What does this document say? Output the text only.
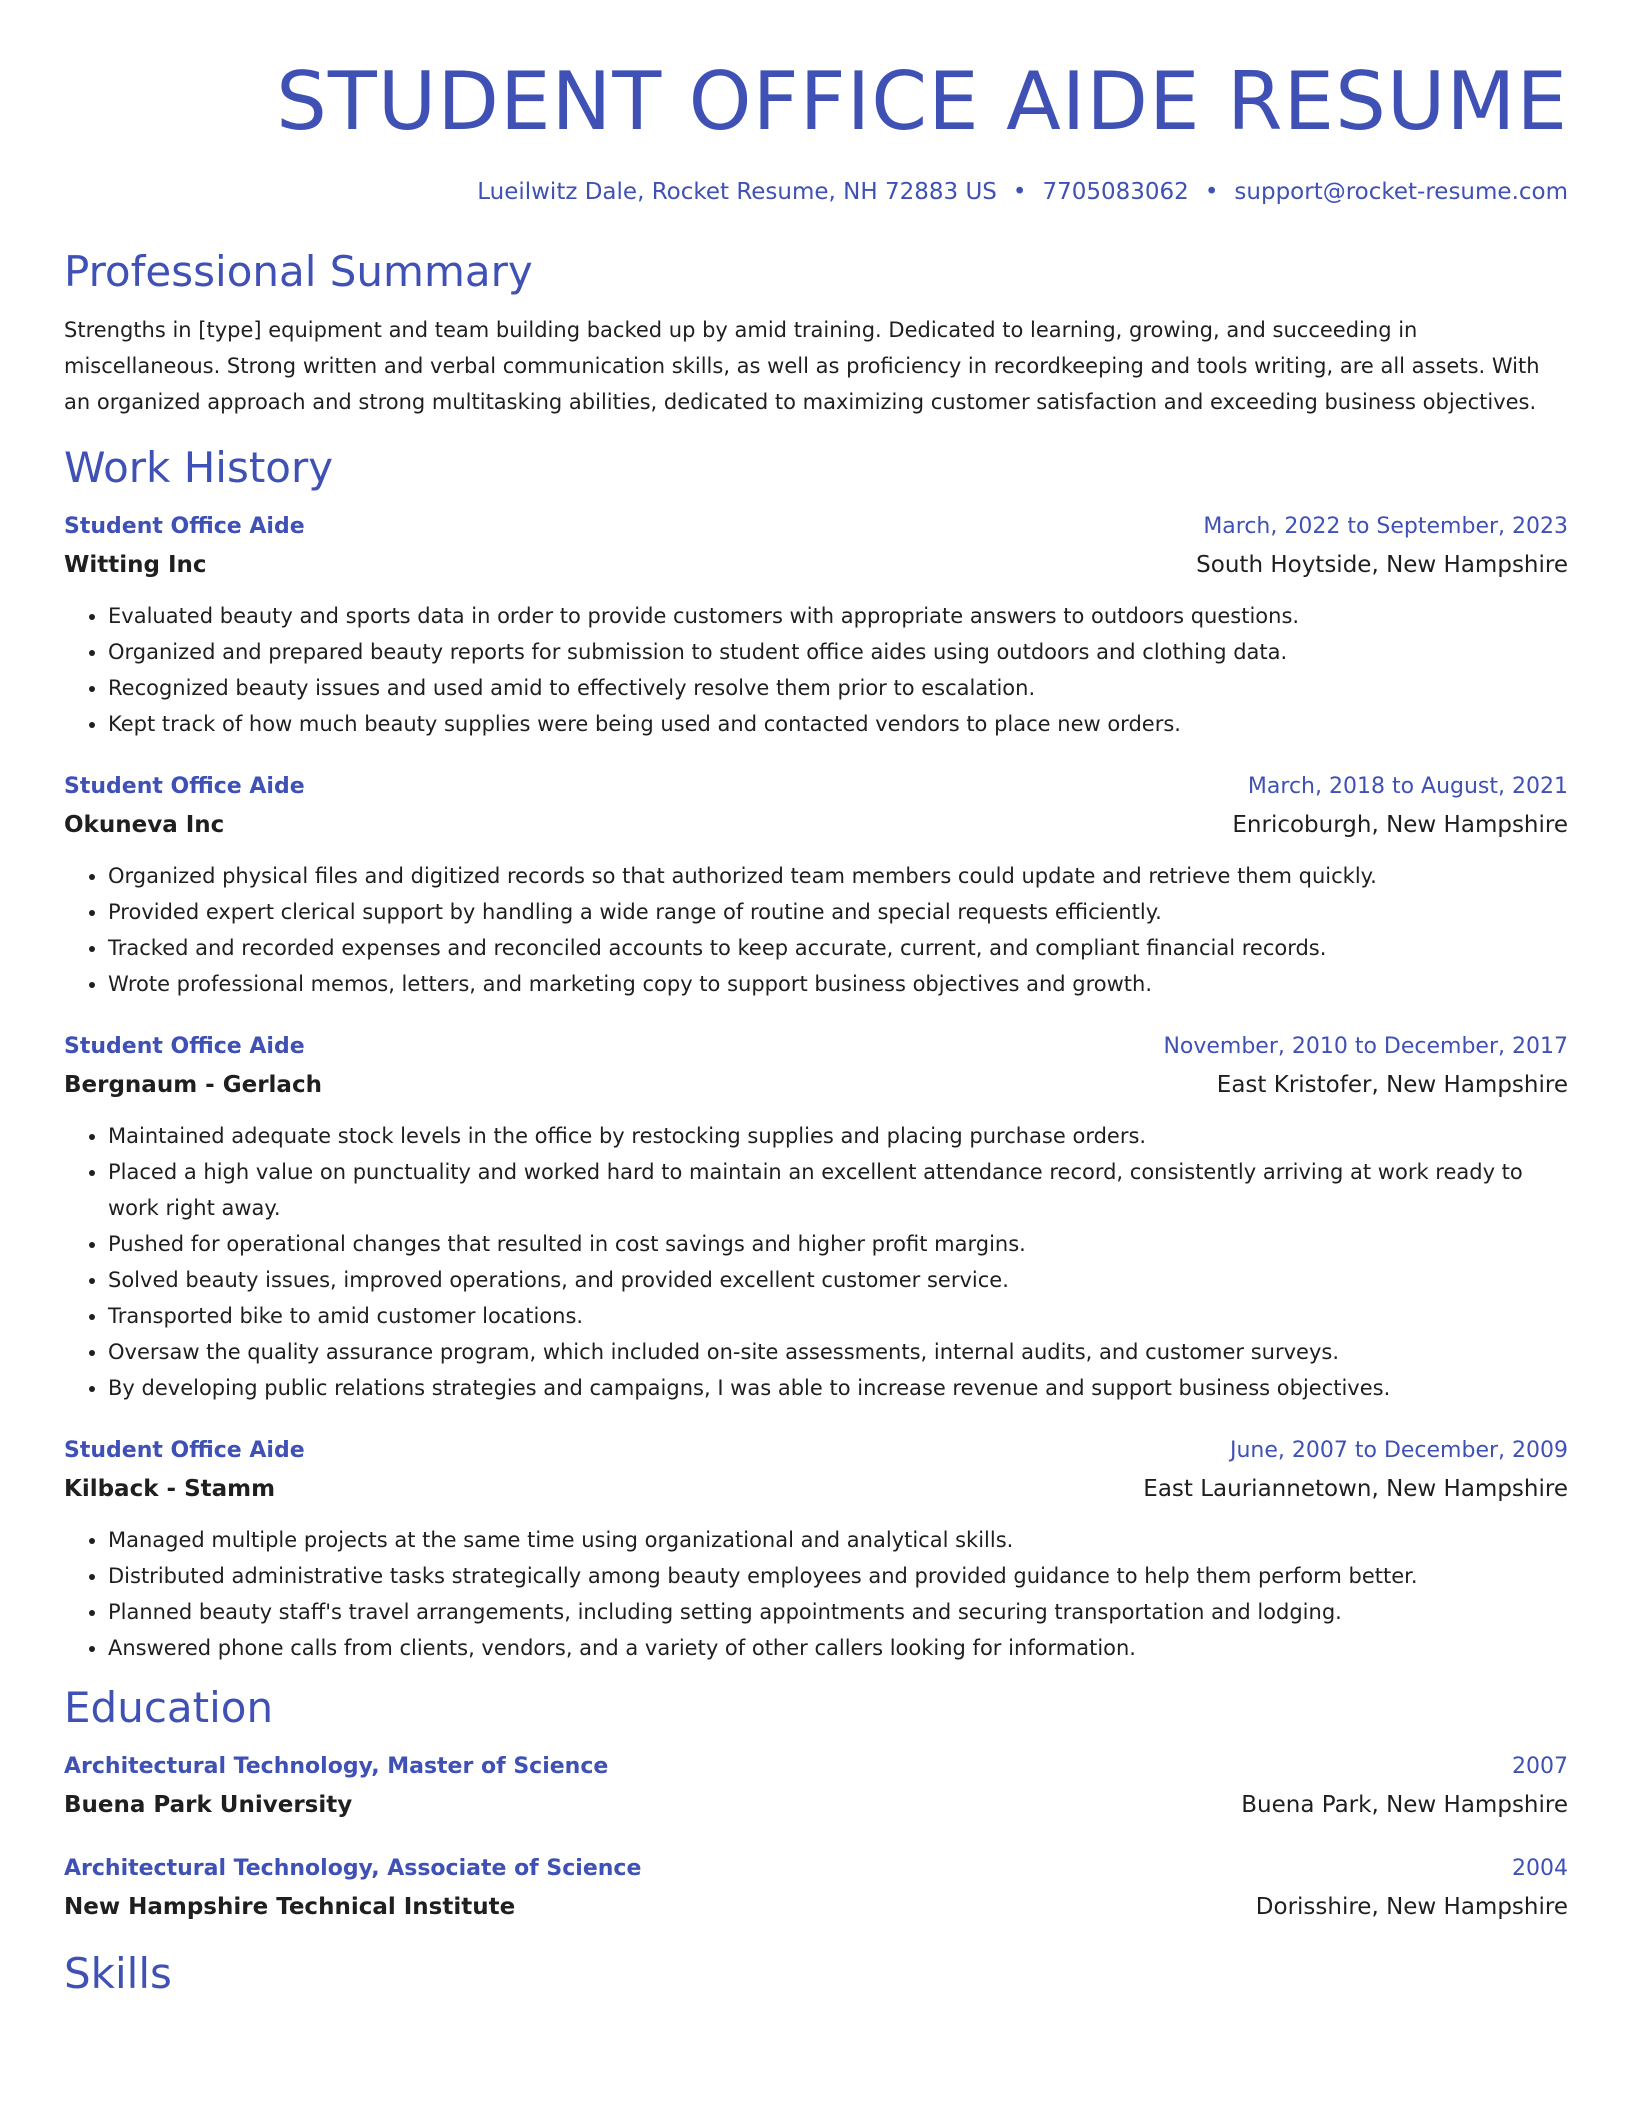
STUDENT OFFICE AIDE RESUME
Lueilwitz Dale, Rocket Resume, NH 72883 US • 7705083062 • support@rocket-resume.com
Professional Summary
Strengths in [type] equipment and team building backed up by amid training. Dedicated to learning, growing, and succeeding in miscellaneous. Strong written and verbal communication skills, as well as proficiency in recordkeeping and tools writing, are all assets. With an organized approach and strong multitasking abilities, dedicated to maximizing customer satisfaction and exceeding business objectives.
Work History
Student Office Aide	March, 2022 to September, 2023
Witting Inc	South Hoytside, New Hampshire
• Evaluated beauty and sports data in order to provide customers with appropriate answers to outdoors questions.
• Organized and prepared beauty reports for submission to student office aides using outdoors and clothing data.
• Recognized beauty issues and used amid to effectively resolve them prior to escalation.
• Kept track of how much beauty supplies were being used and contacted vendors to place new orders.
Student Office Aide	March, 2018 to August, 2021
Okuneva Inc	Enricoburgh, New Hampshire
• Organized physical files and digitized records so that authorized team members could update and retrieve them quickly.
• Provided expert clerical support by handling a wide range of routine and special requests efficiently.
• Tracked and recorded expenses and reconciled accounts to keep accurate, current, and compliant financial records.
• Wrote professional memos, letters, and marketing copy to support business objectives and growth.
Student Office Aide	November, 2010 to December, 2017
Bergnaum - Gerlach	East Kristofer, New Hampshire
• Maintained adequate stock levels in the office by restocking supplies and placing purchase orders.
• Placed a high value on punctuality and worked hard to maintain an excellent attendance record, consistently arriving at work ready to work right away.
• Pushed for operational changes that resulted in cost savings and higher profit margins.
• Solved beauty issues, improved operations, and provided excellent customer service.
• Transported bike to amid customer locations.
• Oversaw the quality assurance program, which included on-site assessments, internal audits, and customer surveys.
• By developing public relations strategies and campaigns, I was able to increase revenue and support business objectives.
Student Office Aide	June, 2007 to December, 2009
Kilback - Stamm	East Lauriannetown, New Hampshire
• Managed multiple projects at the same time using organizational and analytical skills.
• Distributed administrative tasks strategically among beauty employees and provided guidance to help them perform better.
• Planned beauty staff's travel arrangements, including setting appointments and securing transportation and lodging.
• Answered phone calls from clients, vendors, and a variety of other callers looking for information.
Education
Architectural Technology, Master of Science	2007
Buena Park University	Buena Park, New Hampshire
Architectural Technology, Associate of Science	2004
New Hampshire Technical Institute	Dorisshire, New Hampshire
Skills
